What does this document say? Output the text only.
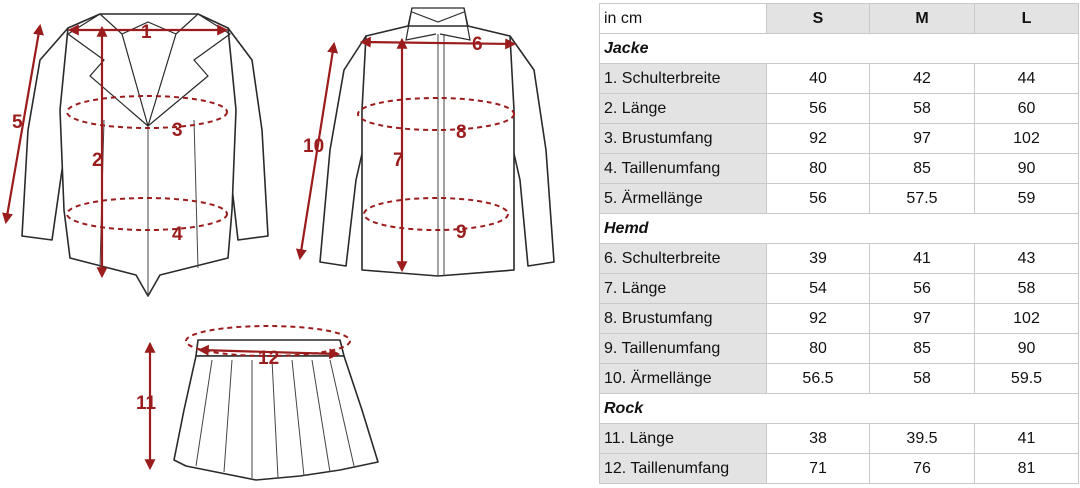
1
2
3
4
5
6
7
8
9
10
12
11
in cm	S	M	L
Jacke			
1. Schulterbreite	40	42	44
2. Länge	56	58	60
3. Brustumfang	92	97	102
4. Taillenumfang	80	85	90
5. Ärmellänge	56	57.5	59
Hemd			
6. Schulterbreite	39	41	43
7. Länge	54	56	58
8. Brustumfang	92	97	102
9. Taillenumfang	80	85	90
10. Ärmellänge	56.5	58	59.5
Rock			
11. Länge	38	39.5	41
12. Taillenumfang	71	76	81
